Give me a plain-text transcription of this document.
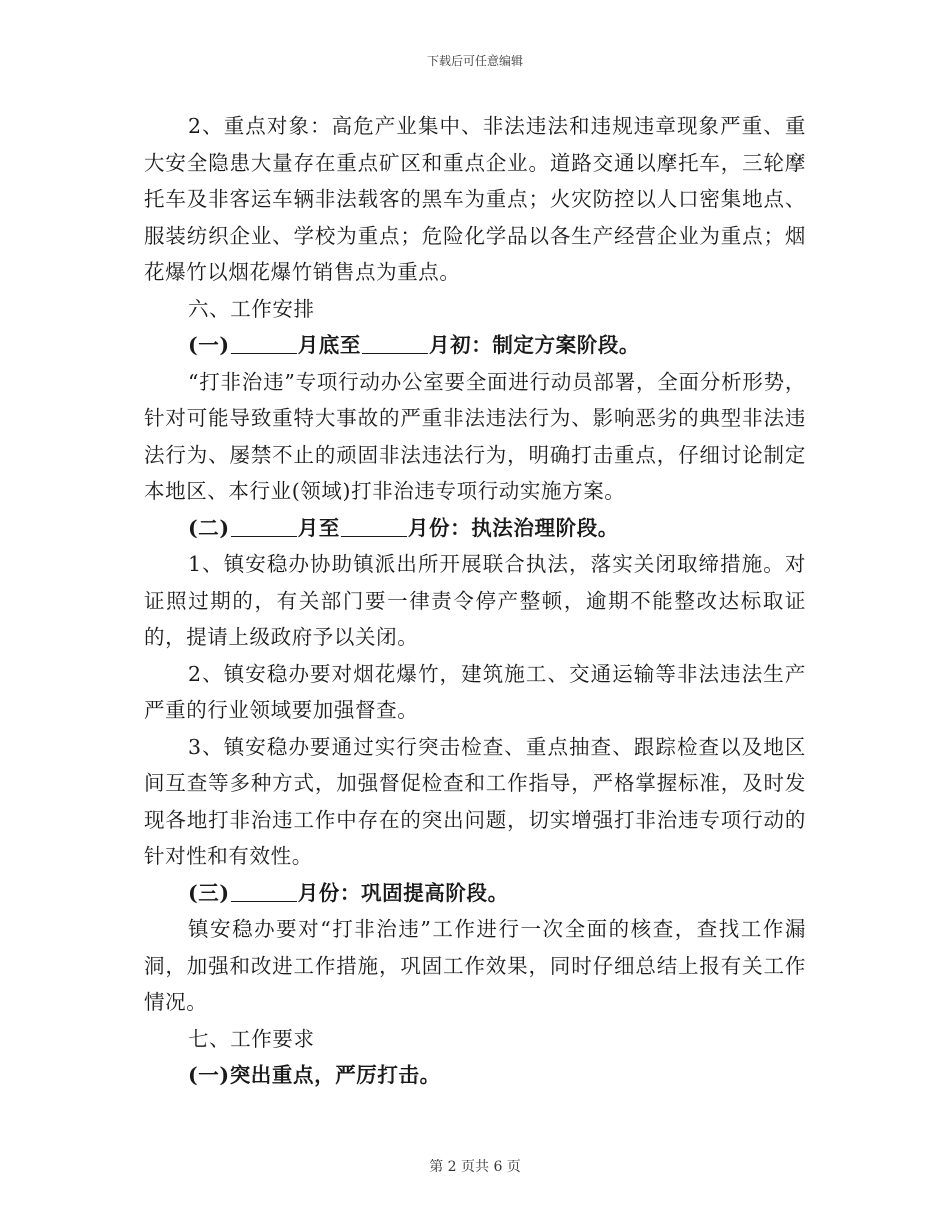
下载后可任意编辑

2、重点对象：高危产业集中、非法违法和违规违章现象严重、重大安全隐患大量存在重点矿区和重点企业。道路交通以摩托车，三轮摩托车及非客运车辆非法载客的黑车为重点；火灾防控以人口密集地点、服装纺织企业、学校为重点；危险化学品以各生产经营企业为重点；烟花爆竹以烟花爆竹销售点为重点。

六、工作安排

(一)	月底至	月初：制定方案阶段。

“打非治违”专项行动办公室要全面进行动员部署，全面分析形势，针对可能导致重特大事故的严重非法违法行为、影响恶劣的典型非法违法行为、屡禁不止的顽固非法违法行为，明确打击重点，仔细讨论制定本地区、本行业(领域)打非治违专项行动实施方案。

(二)	月至	月份：执法治理阶段。

1、镇安稳办协助镇派出所开展联合执法，落实关闭取缔措施。对证照过期的，有关部门要一律责令停产整顿，逾期不能整改达标取证的，提请上级政府予以关闭。

2、镇安稳办要对烟花爆竹，建筑施工、交通运输等非法违法生产严重的行业领域要加强督查。

3、镇安稳办要通过实行突击检查、重点抽查、跟踪检查以及地区间互查等多种方式，加强督促检查和工作指导，严格掌握标准，及时发现各地打非治违工作中存在的突出问题，切实增强打非治违专项行动的针对性和有效性。

(三)	月份：巩固提高阶段。

镇安稳办要对“打非治违”工作进行一次全面的核查，查找工作漏洞，加强和改进工作措施，巩固工作效果，同时仔细总结上报有关工作情况。

七、工作要求

(一)突出重点，严厉打击。

第 2 页共 6 页
